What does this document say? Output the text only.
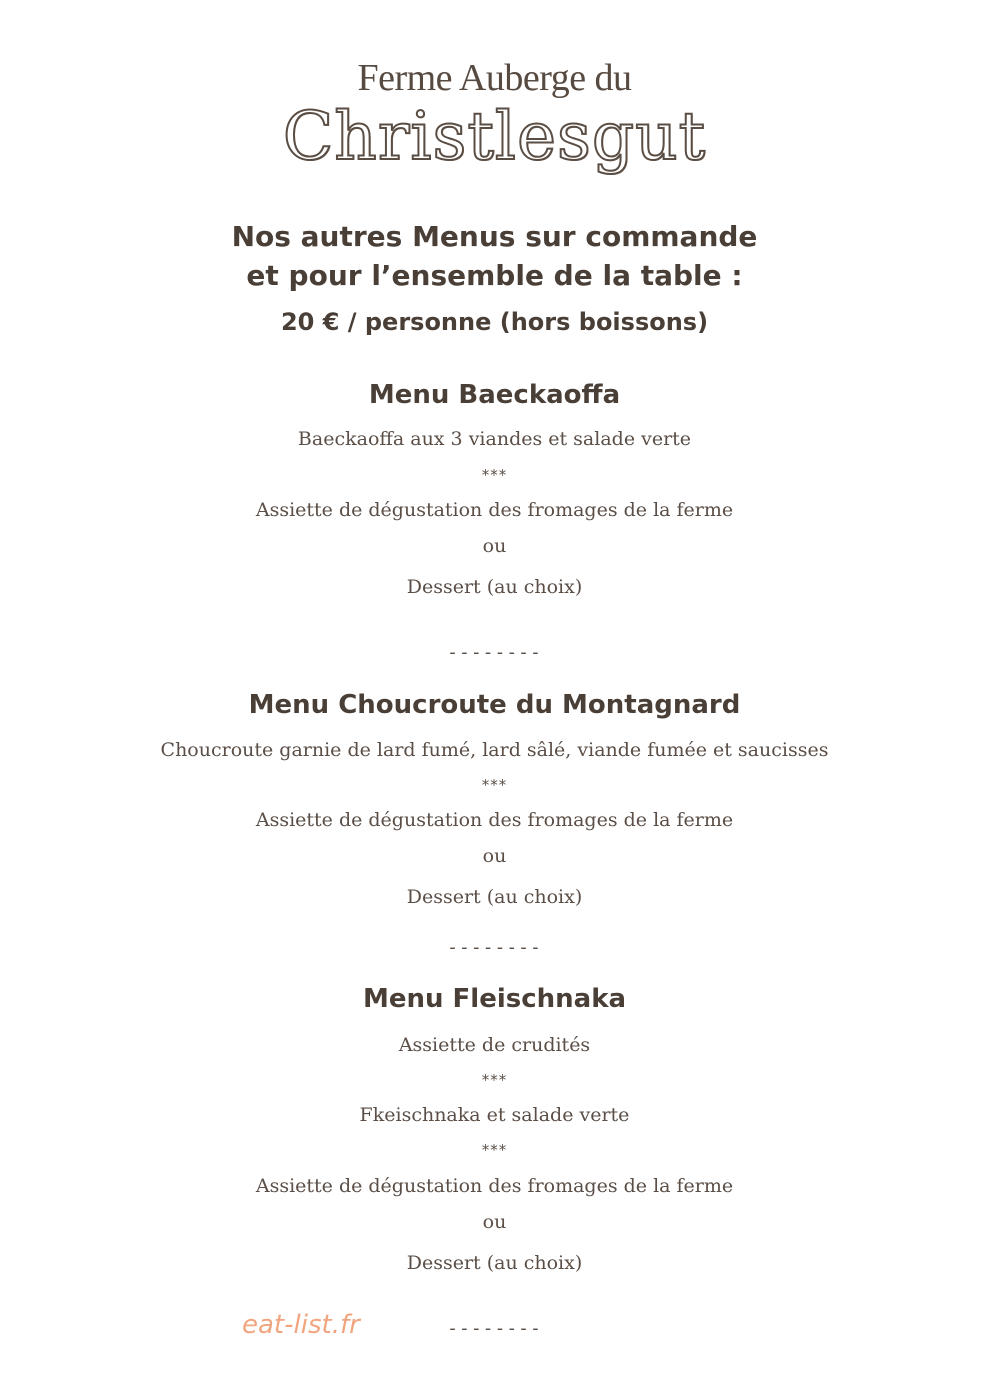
Ferme Auberge du
Christlesgut
Nos autres Menus sur commande
et pour l’ensemble de la table :
20 € / personne (hors boissons)
Menu Baeckaoffa
Baeckaoffa aux 3 viandes et salade verte
***
Assiette de dégustation des fromages de la ferme
ou
Dessert (au choix)
--------
Menu Choucroute du Montagnard
Choucroute garnie de lard fumé, lard sâlé, viande fumée et saucisses
***
Assiette de dégustation des fromages de la ferme
ou
Dessert (au choix)
--------
Menu Fleischnaka
Assiette de crudités
***
Fkeischnaka et salade verte
***
Assiette de dégustation des fromages de la ferme
ou
Dessert (au choix)
--------
eat-list.fr
